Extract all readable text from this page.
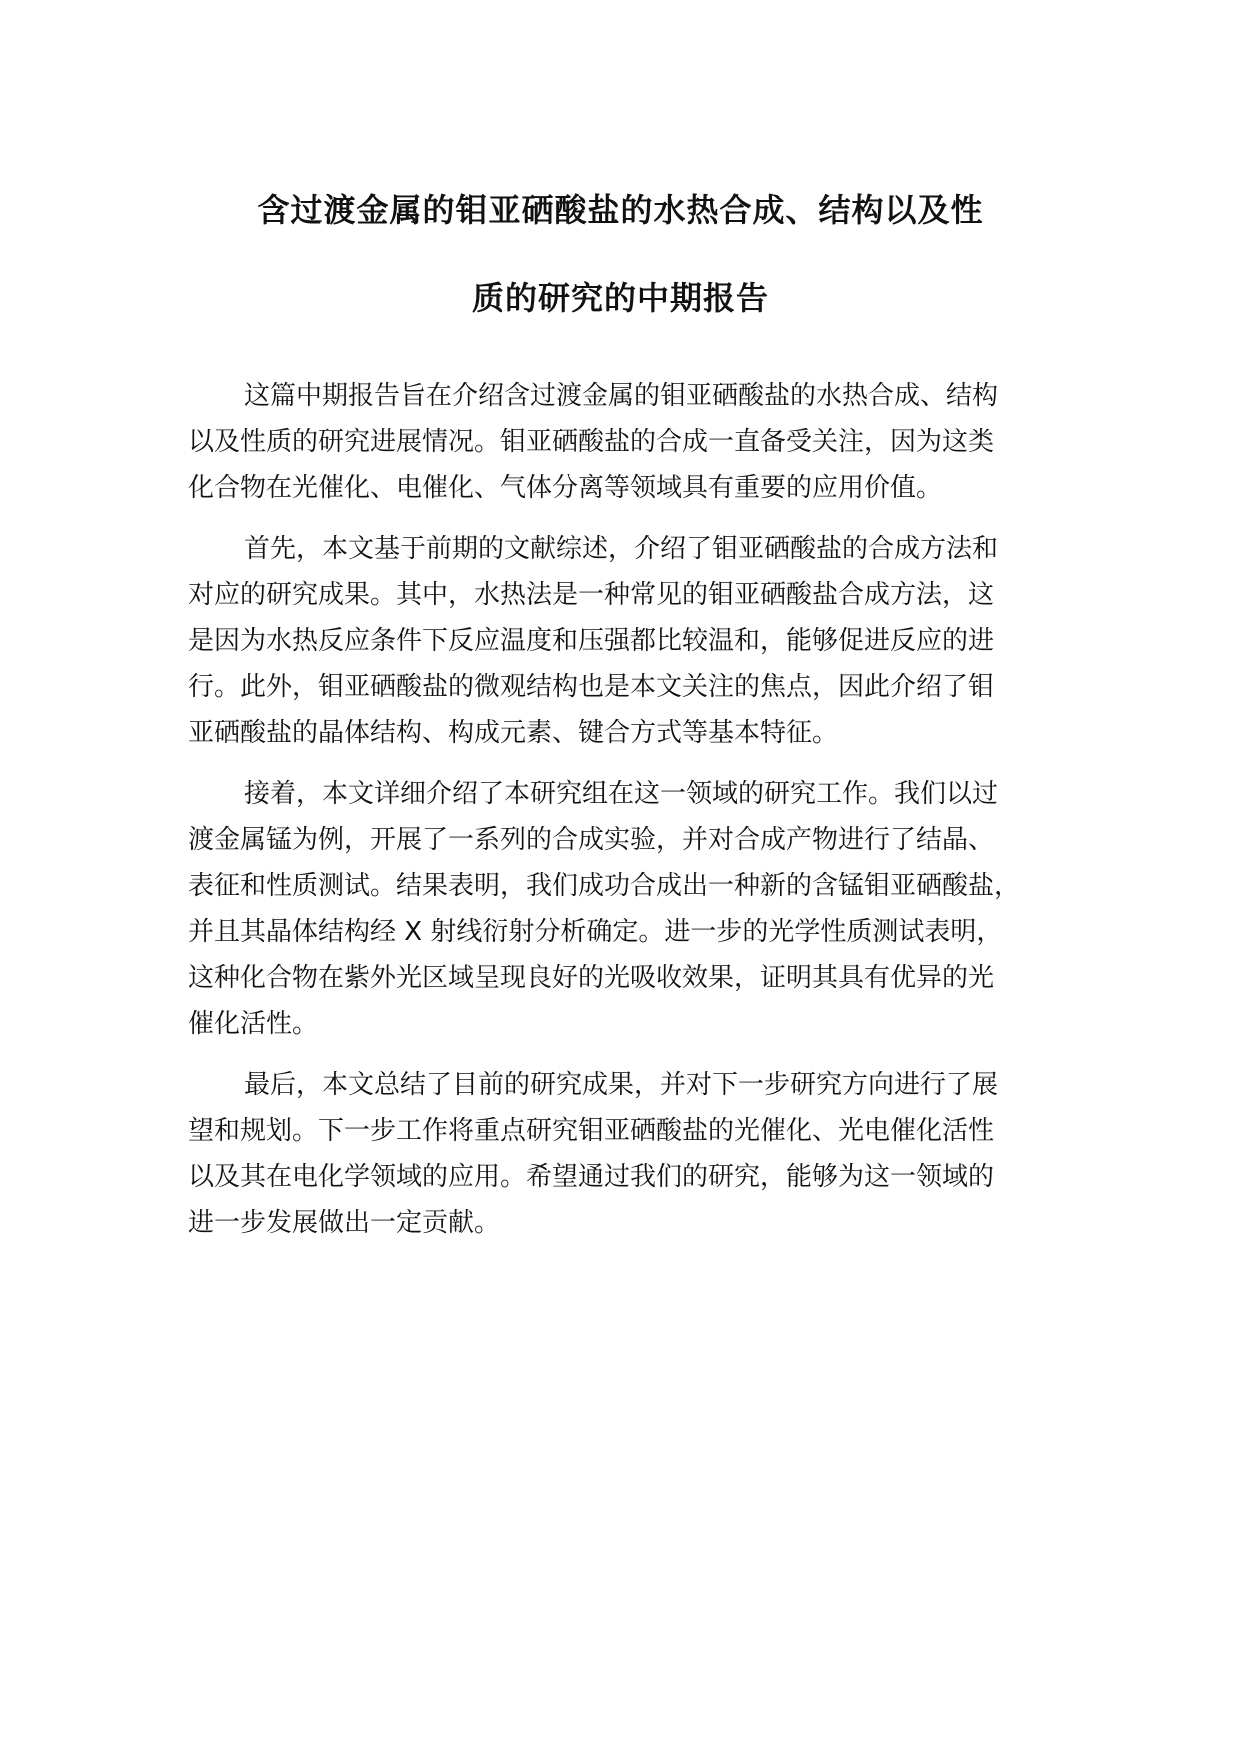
含过渡金属的钼亚硒酸盐的水热合成、结构以及性
质的研究的中期报告

这篇中期报告旨在介绍含过渡金属的钼亚硒酸盐的水热合成、结构
以及性质的研究进展情况。钼亚硒酸盐的合成一直备受关注，因为这类
化合物在光催化、电催化、气体分离等领域具有重要的应用价值。

首先，本文基于前期的文献综述，介绍了钼亚硒酸盐的合成方法和
对应的研究成果。其中，水热法是一种常见的钼亚硒酸盐合成方法，这
是因为水热反应条件下反应温度和压强都比较温和，能够促进反应的进
行。此外，钼亚硒酸盐的微观结构也是本文关注的焦点，因此介绍了钼
亚硒酸盐的晶体结构、构成元素、键合方式等基本特征。

接着，本文详细介绍了本研究组在这一领域的研究工作。我们以过
渡金属锰为例，开展了一系列的合成实验，并对合成产物进行了结晶、
表征和性质测试。结果表明，我们成功合成出一种新的含锰钼亚硒酸盐，
并且其晶体结构经 X 射线衍射分析确定。进一步的光学性质测试表明，
这种化合物在紫外光区域呈现良好的光吸收效果，证明其具有优异的光
催化活性。

最后，本文总结了目前的研究成果，并对下一步研究方向进行了展
望和规划。下一步工作将重点研究钼亚硒酸盐的光催化、光电催化活性
以及其在电化学领域的应用。希望通过我们的研究，能够为这一领域的
进一步发展做出一定贡献。
